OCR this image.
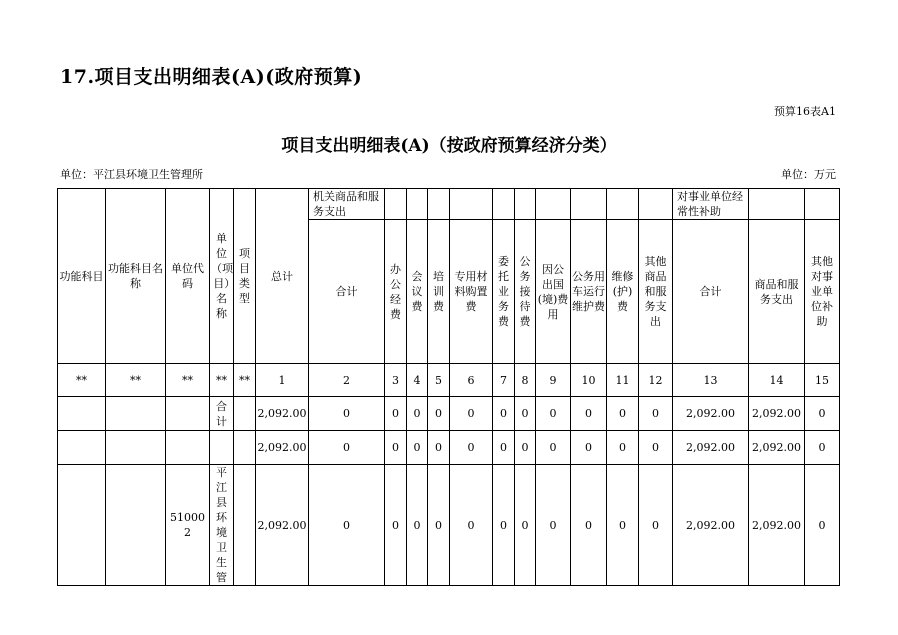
17.项目支出明细表(A)(政府预算)
预算16表A1
项目支出明细表(A)（按政府预算经济分类）
单位：平江县环境卫生管理所	单位：万元
功能科目	功能科目名称	单位代码	单位（项目）名称	项目类型	总计	机关商品和服务支出											对事业单位经常性补助		
						合计	办公经费	会议费	培训费	专用材料购置费	委托业务费	公务接待费	因公出国(境)费用	公务用车运行维护费	维修(护)费	其他商品和服务支出	合计	商品和服务支出	其他对事业单位补助
**	**	**	**	**	1	2	3	4	5	6	7	8	9	10	11	12	13	14	15
			合计		2,092.00	0	0	0	0	0	0	0	0	0	0	0	2,092.00	2,092.00	0
					2,092.00	0	0	0	0	0	0	0	0	0	0	0	2,092.00	2,092.00	0
		510002	平江县环境卫生管		2,092.00	0	0	0	0	0	0	0	0	0	0	0	2,092.00	2,092.00	0
